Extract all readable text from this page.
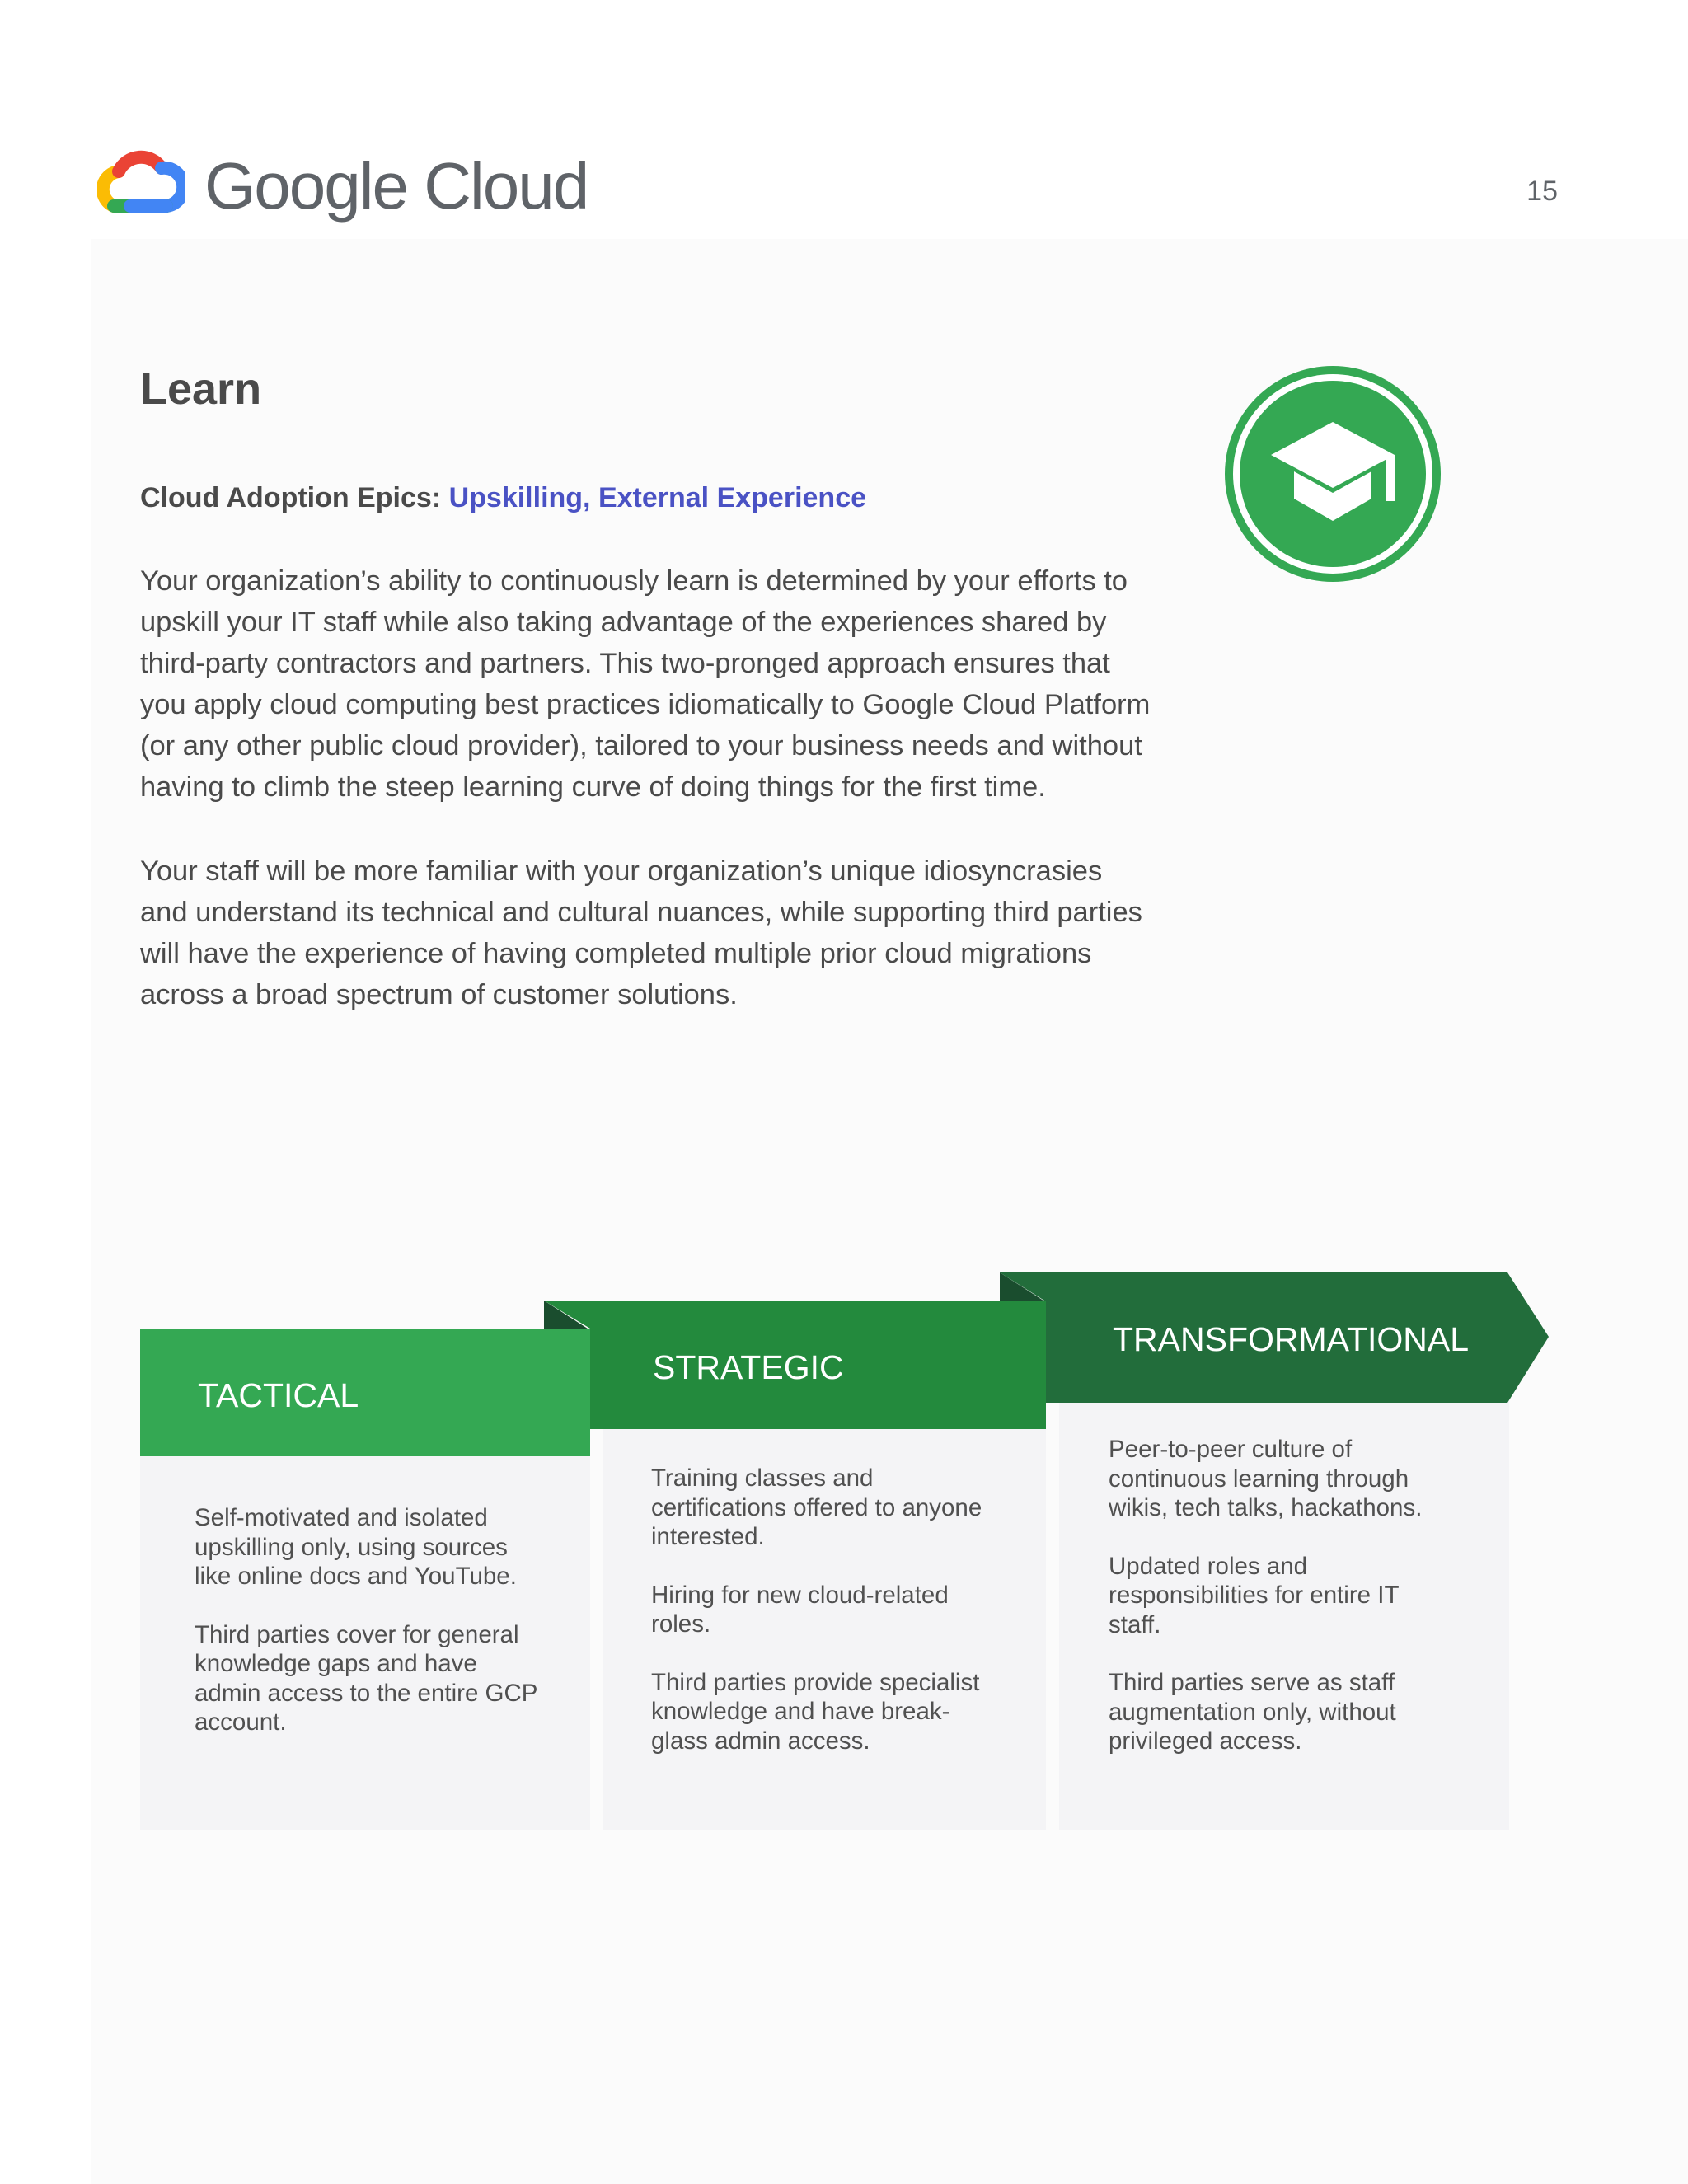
Google Cloud	15
Learn
Cloud Adoption Epics: Upskilling, External Experience

Your organization’s ability to continuously learn is determined by your efforts to upskill your IT staff while also taking advantage of the experiences shared by third-party contractors and partners. This two-pronged approach ensures that you apply cloud computing best practices idiomatically to Google Cloud Platform (or any other public cloud provider), tailored to your business needs and without having to climb the steep learning curve of doing things for the first time.

Your staff will be more familiar with your organization’s unique idiosyncrasies and understand its technical and cultural nuances, while supporting third parties will have the experience of having completed multiple prior cloud migrations across a broad spectrum of customer solutions.

TACTICAL
STRATEGIC
TRANSFORMATIONAL

Self-motivated and isolated upskilling only, using sources like online docs and YouTube.

Third parties cover for general knowledge gaps and have admin access to the entire GCP account.

Training classes and certifications offered to anyone interested.

Hiring for new cloud-related roles.

Third parties provide specialist knowledge and have break-glass admin access.

Peer-to-peer culture of continuous learning through wikis, tech talks, hackathons.

Updated roles and responsibilities for entire IT staff.

Third parties serve as staff augmentation only, without privileged access.
